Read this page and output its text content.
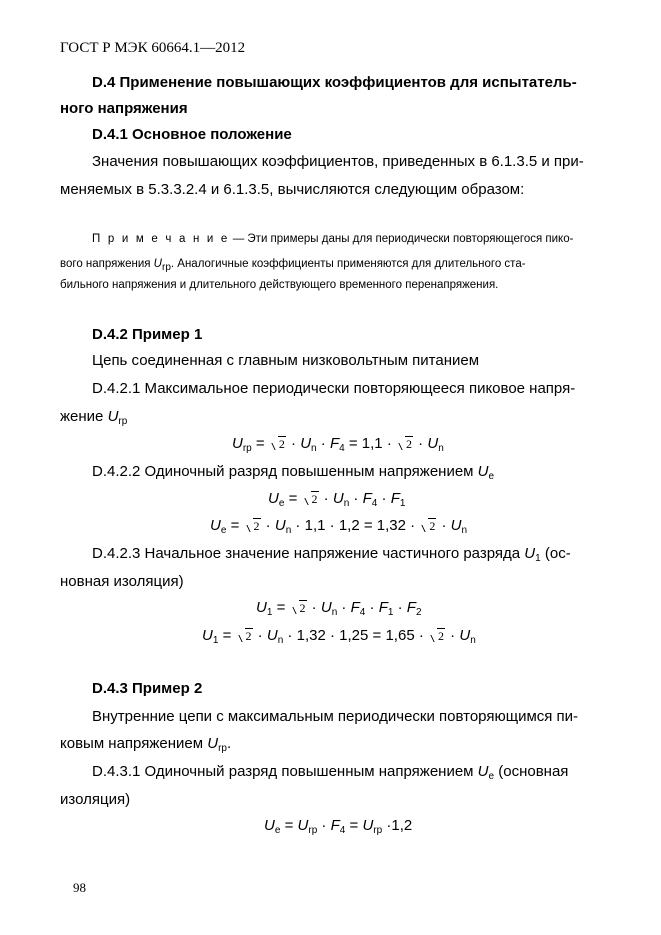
ГОСТ Р МЭК 60664.1—2012
D.4 Применение повышающих коэффициентов для испытатель-
ного напряжения
D.4.1 Основное положение
Значения повышающих коэффициентов, приведенных в 6.1.3.5 и при-
меняемых в 5.3.3.2.4 и 6.1.3.5, вычисляются следующим образом:
П р и м е ч а н и е — Эти примеры даны для периодически повторяющегося пико-
вого напряжения $U_{rp}$. Аналогичные коэффициенты применяются для длительного ста-
бильного напряжения и длительного действующего временного перенапряжения.
D.4.2 Пример 1
Цепь соединенная с главным низковольтным питанием
D.4.2.1 Максимальное периодически повторяющееся пиковое напря-
жение $U_{rp}$
$U_{rp} = 2 \cdot U_n \cdot F_4 = 1,1 \cdot 2 \cdot U_n$
D.4.2.2 Одиночный разряд повышенным напряжением $U_e$
$U_e = 2 \cdot U_n \cdot F_4 \cdot F_1$
$U_e = 2 \cdot U_n \cdot 1,1 \cdot 1,2 = 1,32 \cdot 2 \cdot U_n$
D.4.2.3 Начальное значение напряжение частичного разряда $U_1$ (ос-
новная изоляция)
$U_1 = 2 \cdot U_n \cdot F_4 \cdot F_1 \cdot F_2$
$U_1 = 2 \cdot U_n \cdot 1,32 \cdot 1,25 = 1,65 \cdot 2 \cdot U_n$
D.4.3 Пример 2
Внутренние цепи с максимальным периодически повторяющимся пи-
ковым напряжением $U_{rp}$.
D.4.3.1 Одиночный разряд повышенным напряжением $U_e$ (основная
изоляция)
$U_e = U_{rp} \cdot F_4 = U_{rp} \cdot 1,2$
98
